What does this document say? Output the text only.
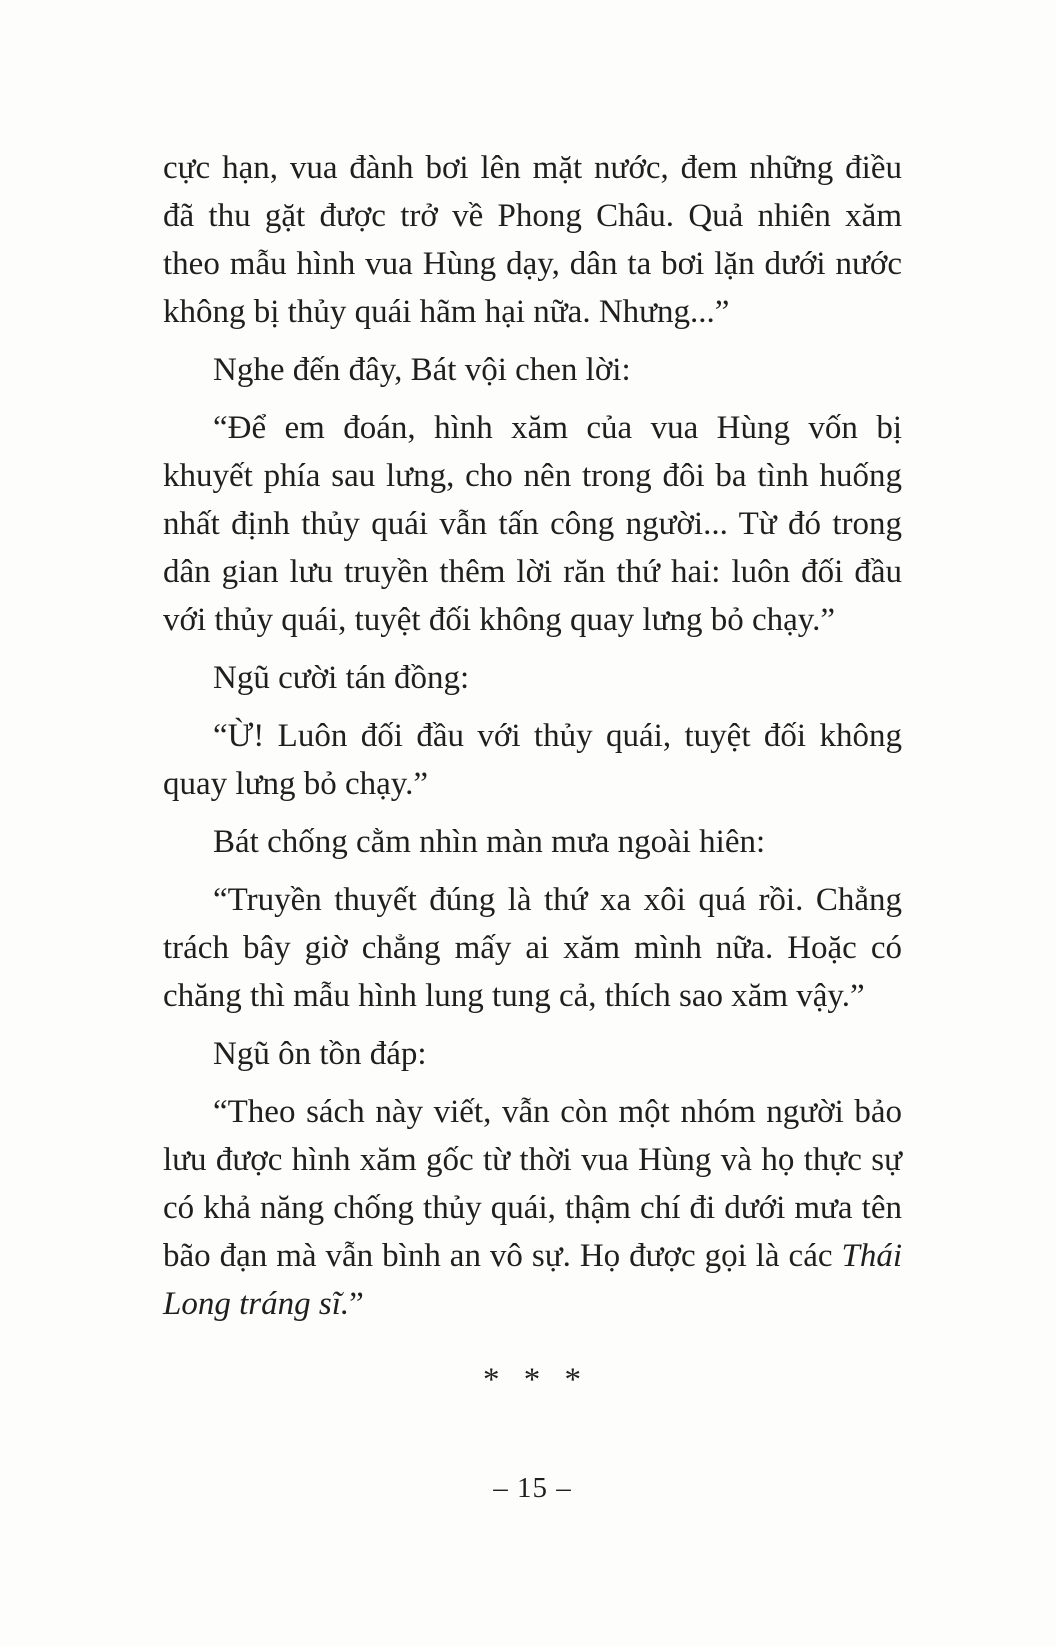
cực hạn, vua đành bơi lên mặt nước, đem những điều đã thu gặt được trở về Phong Châu. Quả nhiên xăm theo mẫu hình vua Hùng dạy, dân ta bơi lặn dưới nước không bị thủy quái hãm hại nữa. Nhưng...”

Nghe đến đây, Bát vội chen lời:

“Để em đoán, hình xăm của vua Hùng vốn bị khuyết phía sau lưng, cho nên trong đôi ba tình huống nhất định thủy quái vẫn tấn công người... Từ đó trong dân gian lưu truyền thêm lời răn thứ hai: luôn đối đầu với thủy quái, tuyệt đối không quay lưng bỏ chạy.”

Ngũ cười tán đồng:

“Ừ! Luôn đối đầu với thủy quái, tuyệt đối không quay lưng bỏ chạy.”

Bát chống cằm nhìn màn mưa ngoài hiên:

“Truyền thuyết đúng là thứ xa xôi quá rồi. Chẳng trách bây giờ chẳng mấy ai xăm mình nữa. Hoặc có chăng thì mẫu hình lung tung cả, thích sao xăm vậy.”

Ngũ ôn tồn đáp:

“Theo sách này viết, vẫn còn một nhóm người bảo lưu được hình xăm gốc từ thời vua Hùng và họ thực sự có khả năng chống thủy quái, thậm chí đi dưới mưa tên bão đạn mà vẫn bình an vô sự. Họ được gọi là các Thái Long tráng sĩ.”

* * *
– 15 –
